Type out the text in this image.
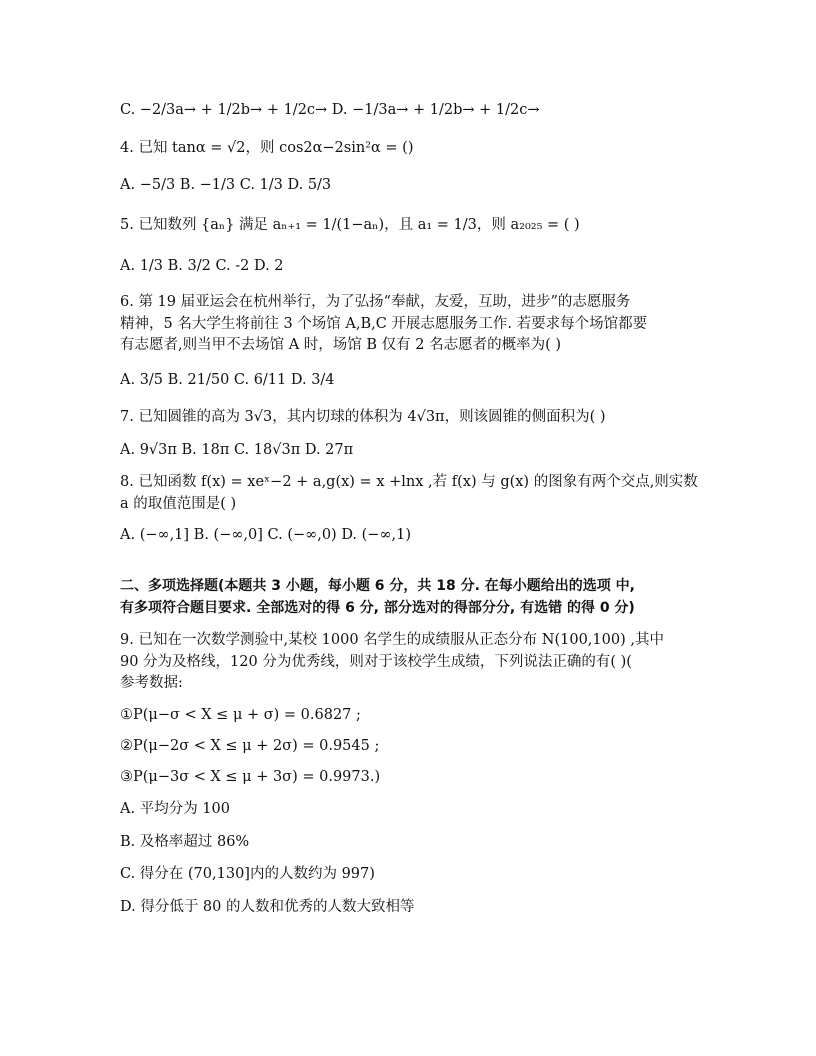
C. −2/3a→ + 1/2b→ + 1/2c→ D. −1/3a→ + 1/2b→ + 1/2c→
4. 已知 tanα = √2，则 cos2α−2sin²α = ()
A. −5/3 B. −1/3 C. 1/3 D. 5/3
5. 已知数列 {aₙ} 满足 aₙ₊₁ = 1/(1−aₙ)，且 a₁ = 1/3，则 a₂₀₂₅ = ( )
A. 1/3 B. 3/2 C. -2 D. 2
6. 第 19 届亚运会在杭州举行，为了弘扬“奉献，友爱，互助，进步”的志愿服务
精神，5 名大学生将前往 3 个场馆 A,B,C 开展志愿服务工作. 若要求每个场馆都要
有志愿者,则当甲不去场馆 A 时，场馆 B 仅有 2 名志愿者的概率为( )
A. 3/5 B. 21/50 C. 6/11 D. 3/4
7. 已知圆锥的高为 3√3，其内切球的体积为 4√3π，则该圆锥的侧面积为( )
A. 9√3π B. 18π C. 18√3π D. 27π
8. 已知函数 f(x) = xeˣ−2 + a,g(x) = x +lnx ,若 f(x) 与 g(x) 的图象有两个交点,则实数
a 的取值范围是( )
A. (−∞,1] B. (−∞,0] C. (−∞,0) D. (−∞,1)
二、多项选择题(本题共 3 小题，每小题 6 分，共 18 分. 在每小题给出的选项 中,
有多项符合题目要求. 全部选对的得 6 分, 部分选对的得部分分, 有选错 的得 0 分)
9. 已知在一次数学测验中,某校 1000 名学生的成绩服从正态分布 N(100,100) ,其中
90 分为及格线，120 分为优秀线，则对于该校学生成绩，下列说法正确的有( )(
参考数据:
①P(μ−σ < X ≤ μ + σ) = 0.6827 ;
②P(μ−2σ < X ≤ μ + 2σ) = 0.9545 ;
③P(μ−3σ < X ≤ μ + 3σ) = 0.9973.)
A. 平均分为 100
B. 及格率超过 86%
C. 得分在 (70,130]内的人数约为 997)
D. 得分低于 80 的人数和优秀的人数大致相等
